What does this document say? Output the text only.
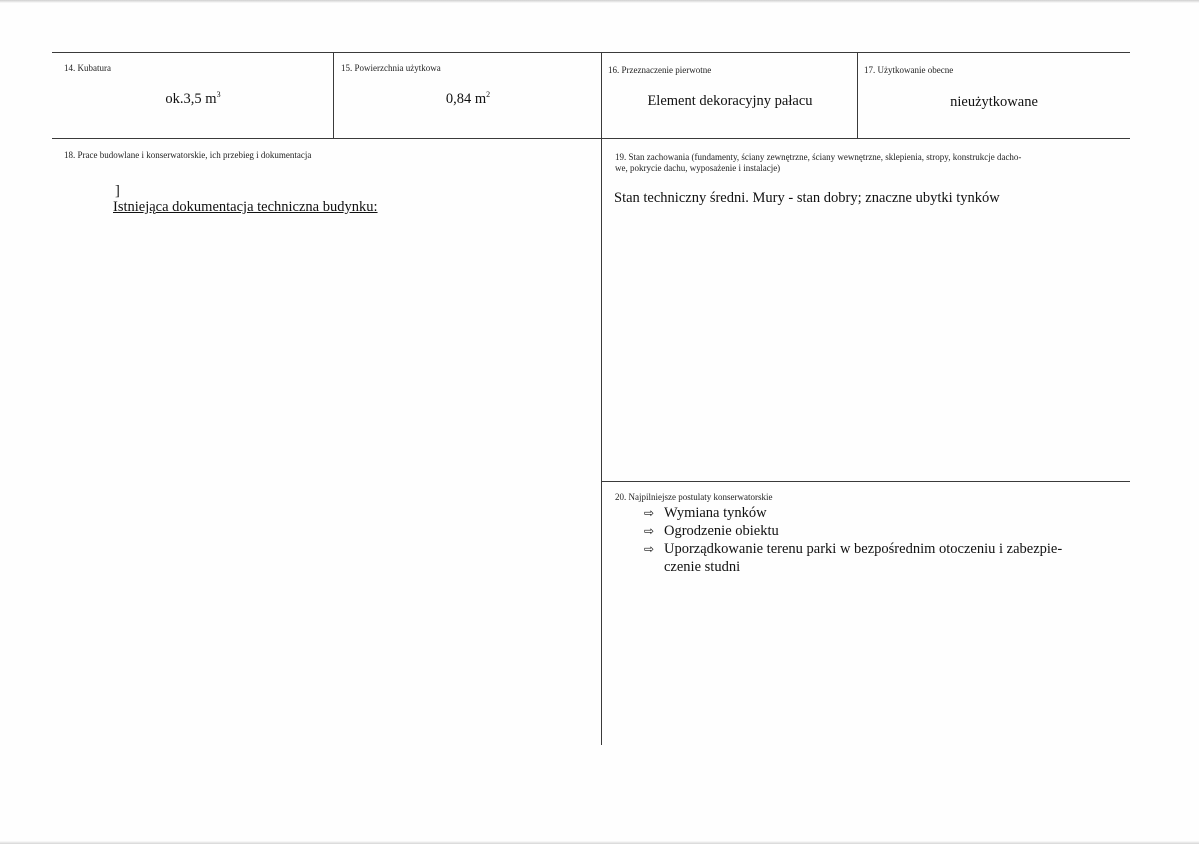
14. Kubatura
ok.3,5 $m^3$
15. Powierzchnia użytkowa
0,84 $m^2$
16. Przeznaczenie pierwotne
Element dekoracyjny pałacu
17. Użytkowanie obecne
nieużytkowane
18. Prace budowlane i konserwatorskie, ich przebieg i dokumentacja
]
Istniejąca dokumentacja techniczna budynku:
19. Stan zachowania (fundamenty, ściany zewnętrzne, ściany wewnętrzne, sklepienia, stropy, konstrukcje dacho-
we, pokrycie dachu, wyposażenie i instalacje)
Stan techniczny średni. Mury - stan dobry; znaczne ubytki tynków
20. Najpilniejsze postulaty konserwatorskie
⇨ Wymiana tynków
⇨ Ogrodzenie obiektu
⇨ Uporządkowanie terenu parki w bezpośrednim otoczeniu i zabezpie-
czenie studni
